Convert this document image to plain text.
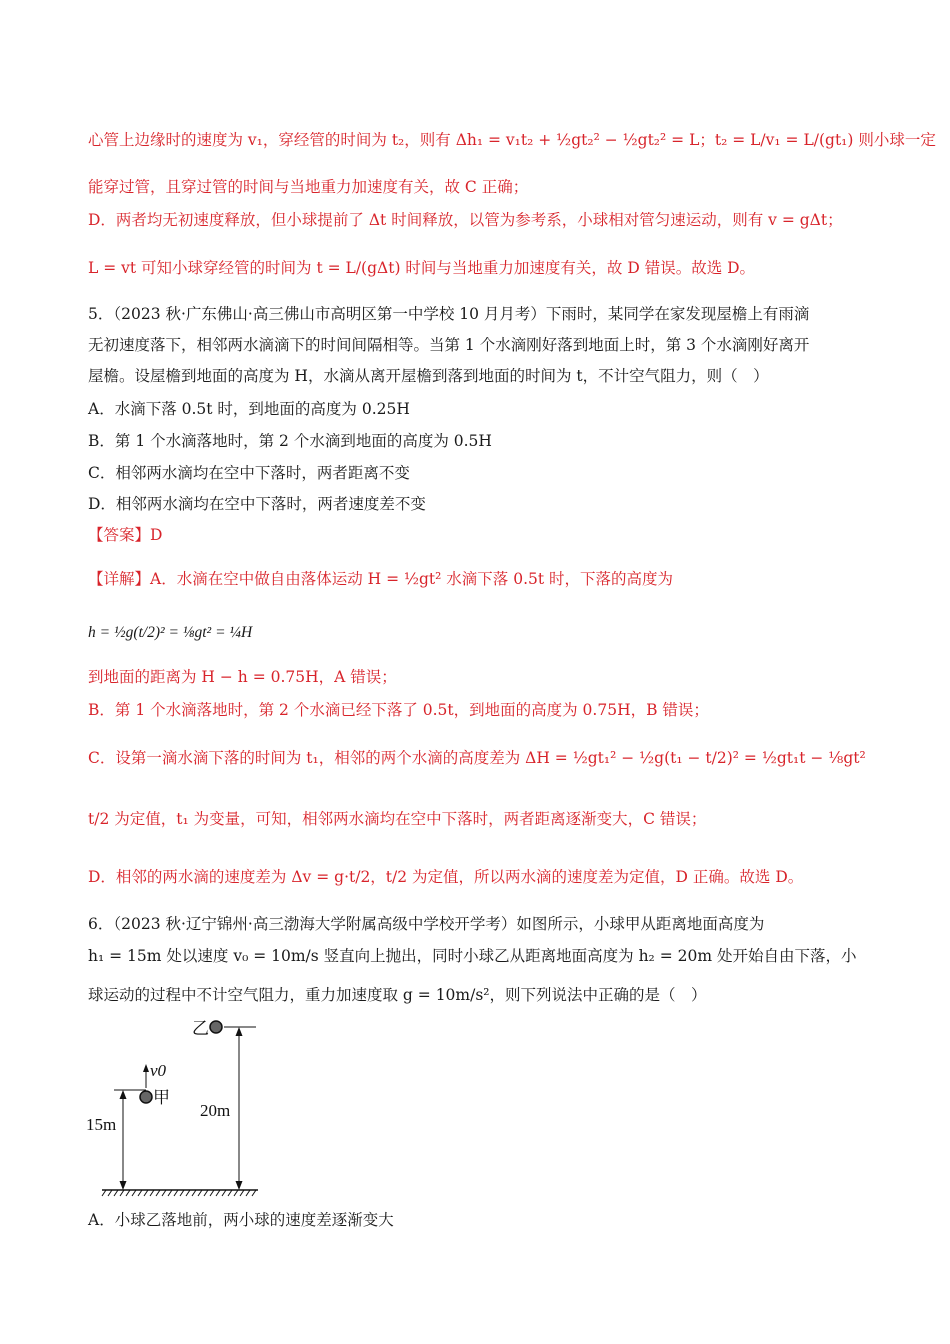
心管上边缘时的速度为 v₁，穿经管的时间为 t₂，则有 Δh₁ = v₁t₂ + ½gt₂² − ½gt₂² = L；t₂ = L/v₁ = L/(gt₁) 则小球一定
能穿过管，且穿过管的时间与当地重力加速度有关，故 C 正确；
D．两者均无初速度释放，但小球提前了 Δt 时间释放，以管为参考系，小球相对管匀速运动，则有 v = gΔt；
L = vt 可知小球穿经管的时间为 t = L/(gΔt) 时间与当地重力加速度有关，故 D 错误。故选 D。
5．（2023 秋·广东佛山·高三佛山市高明区第一中学校 10 月月考）下雨时，某同学在家发现屋檐上有雨滴
无初速度落下，相邻两水滴滴下的时间间隔相等。当第 1 个水滴刚好落到地面上时，第 3 个水滴刚好离开
屋檐。设屋檐到地面的高度为 H，水滴从离开屋檐到落到地面的时间为 t，不计空气阻力，则（　）
A．水滴下落 0.5t 时，到地面的高度为 0.25H
B．第 1 个水滴落地时，第 2 个水滴到地面的高度为 0.5H
C．相邻两水滴均在空中下落时，两者距离不变
D．相邻两水滴均在空中下落时，两者速度差不变
【答案】D
【详解】A．水滴在空中做自由落体运动 H = ½gt² 水滴下落 0.5t 时，下落的高度为
h = ½g(t/2)² = ⅛gt² = ¼H
到地面的距离为 H − h = 0.75H，A 错误；
B．第 1 个水滴落地时，第 2 个水滴已经下落了 0.5t，到地面的高度为 0.75H，B 错误；
C．设第一滴水滴下落的时间为 t₁，相邻的两个水滴的高度差为 ΔH = ½gt₁² − ½g(t₁ − t/2)² = ½gt₁t − ⅛gt²
t/2 为定值，t₁ 为变量，可知，相邻两水滴均在空中下落时，两者距离逐渐变大，C 错误；
D．相邻的两水滴的速度差为 Δv = g·t/2，t/2 为定值，所以两水滴的速度差为定值，D 正确。故选 D。
6．（2023 秋·辽宁锦州·高三渤海大学附属高级中学校开学考）如图所示，小球甲从距离地面高度为
h₁ = 15m 处以速度 v₀ = 10m/s 竖直向上抛出，同时小球乙从距离地面高度为 h₂ = 20m 处开始自由下落，小
球运动的过程中不计空气阻力，重力加速度取 g = 10m/s²，则下列说法中正确的是（　）
15m
甲
v0
乙
20m
A．小球乙落地前，两小球的速度差逐渐变大
